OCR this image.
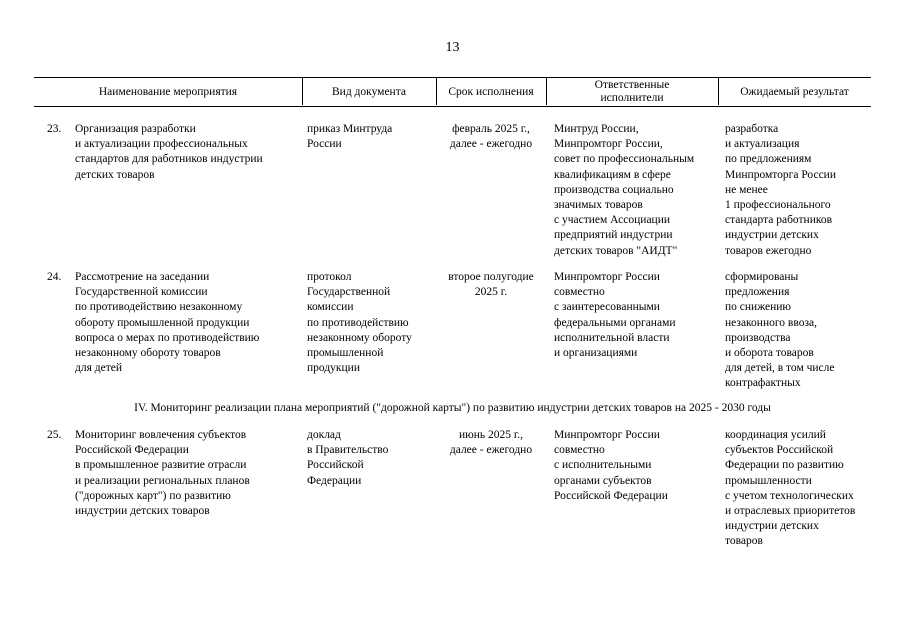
13
Наименование мероприятия	Вид документа	Срок исполнения
Ответственные
исполнители
Ожидаемый результат
23. Организация разработки
и актуализации профессиональных
стандартов для работников индустрии
детских товаров
приказ Минтруда
России
февраль 2025 г.,
далее - ежегодно
Минтруд России,
Минпромторг России,
совет по профессиональным
квалификациям в сфере
производства социально
значимых товаров
с участием Ассоциации
предприятий индустрии
детских товаров "АИДТ"
разработка
и актуализация
по предложениям
Минпромторга России
не менее
1 профессионального
стандарта работников
индустрии детских
товаров ежегодно
24. Рассмотрение на заседании
Государственной комиссии
по противодействию незаконному
обороту промышленной продукции
вопроса о мерах по противодействию
незаконному обороту товаров
для детей
протокол
Государственной
комиссии
по противодействию
незаконному обороту
промышленной
продукции
второе полугодие
2025 г.
Минпромторг России
совместно
с заинтересованными
федеральными органами
исполнительной власти
и организациями
сформированы
предложения
по снижению
незаконного ввоза,
производства
и оборота товаров
для детей, в том числе
контрафактных
IV. Мониторинг реализации плана мероприятий ("дорожной карты") по развитию индустрии детских товаров на 2025 - 2030 годы
25. Мониторинг вовлечения субъектов
Российской Федерации
в промышленное развитие отрасли
и реализации региональных планов
("дорожных карт") по развитию
индустрии детских товаров
доклад
в Правительство
Российской
Федерации
июнь 2025 г.,
далее - ежегодно
Минпромторг России
совместно
с исполнительными
органами субъектов
Российской Федерации
координация усилий
субъектов Российской
Федерации по развитию
промышленности
с учетом технологических
и отраслевых приоритетов
индустрии детских
товаров
